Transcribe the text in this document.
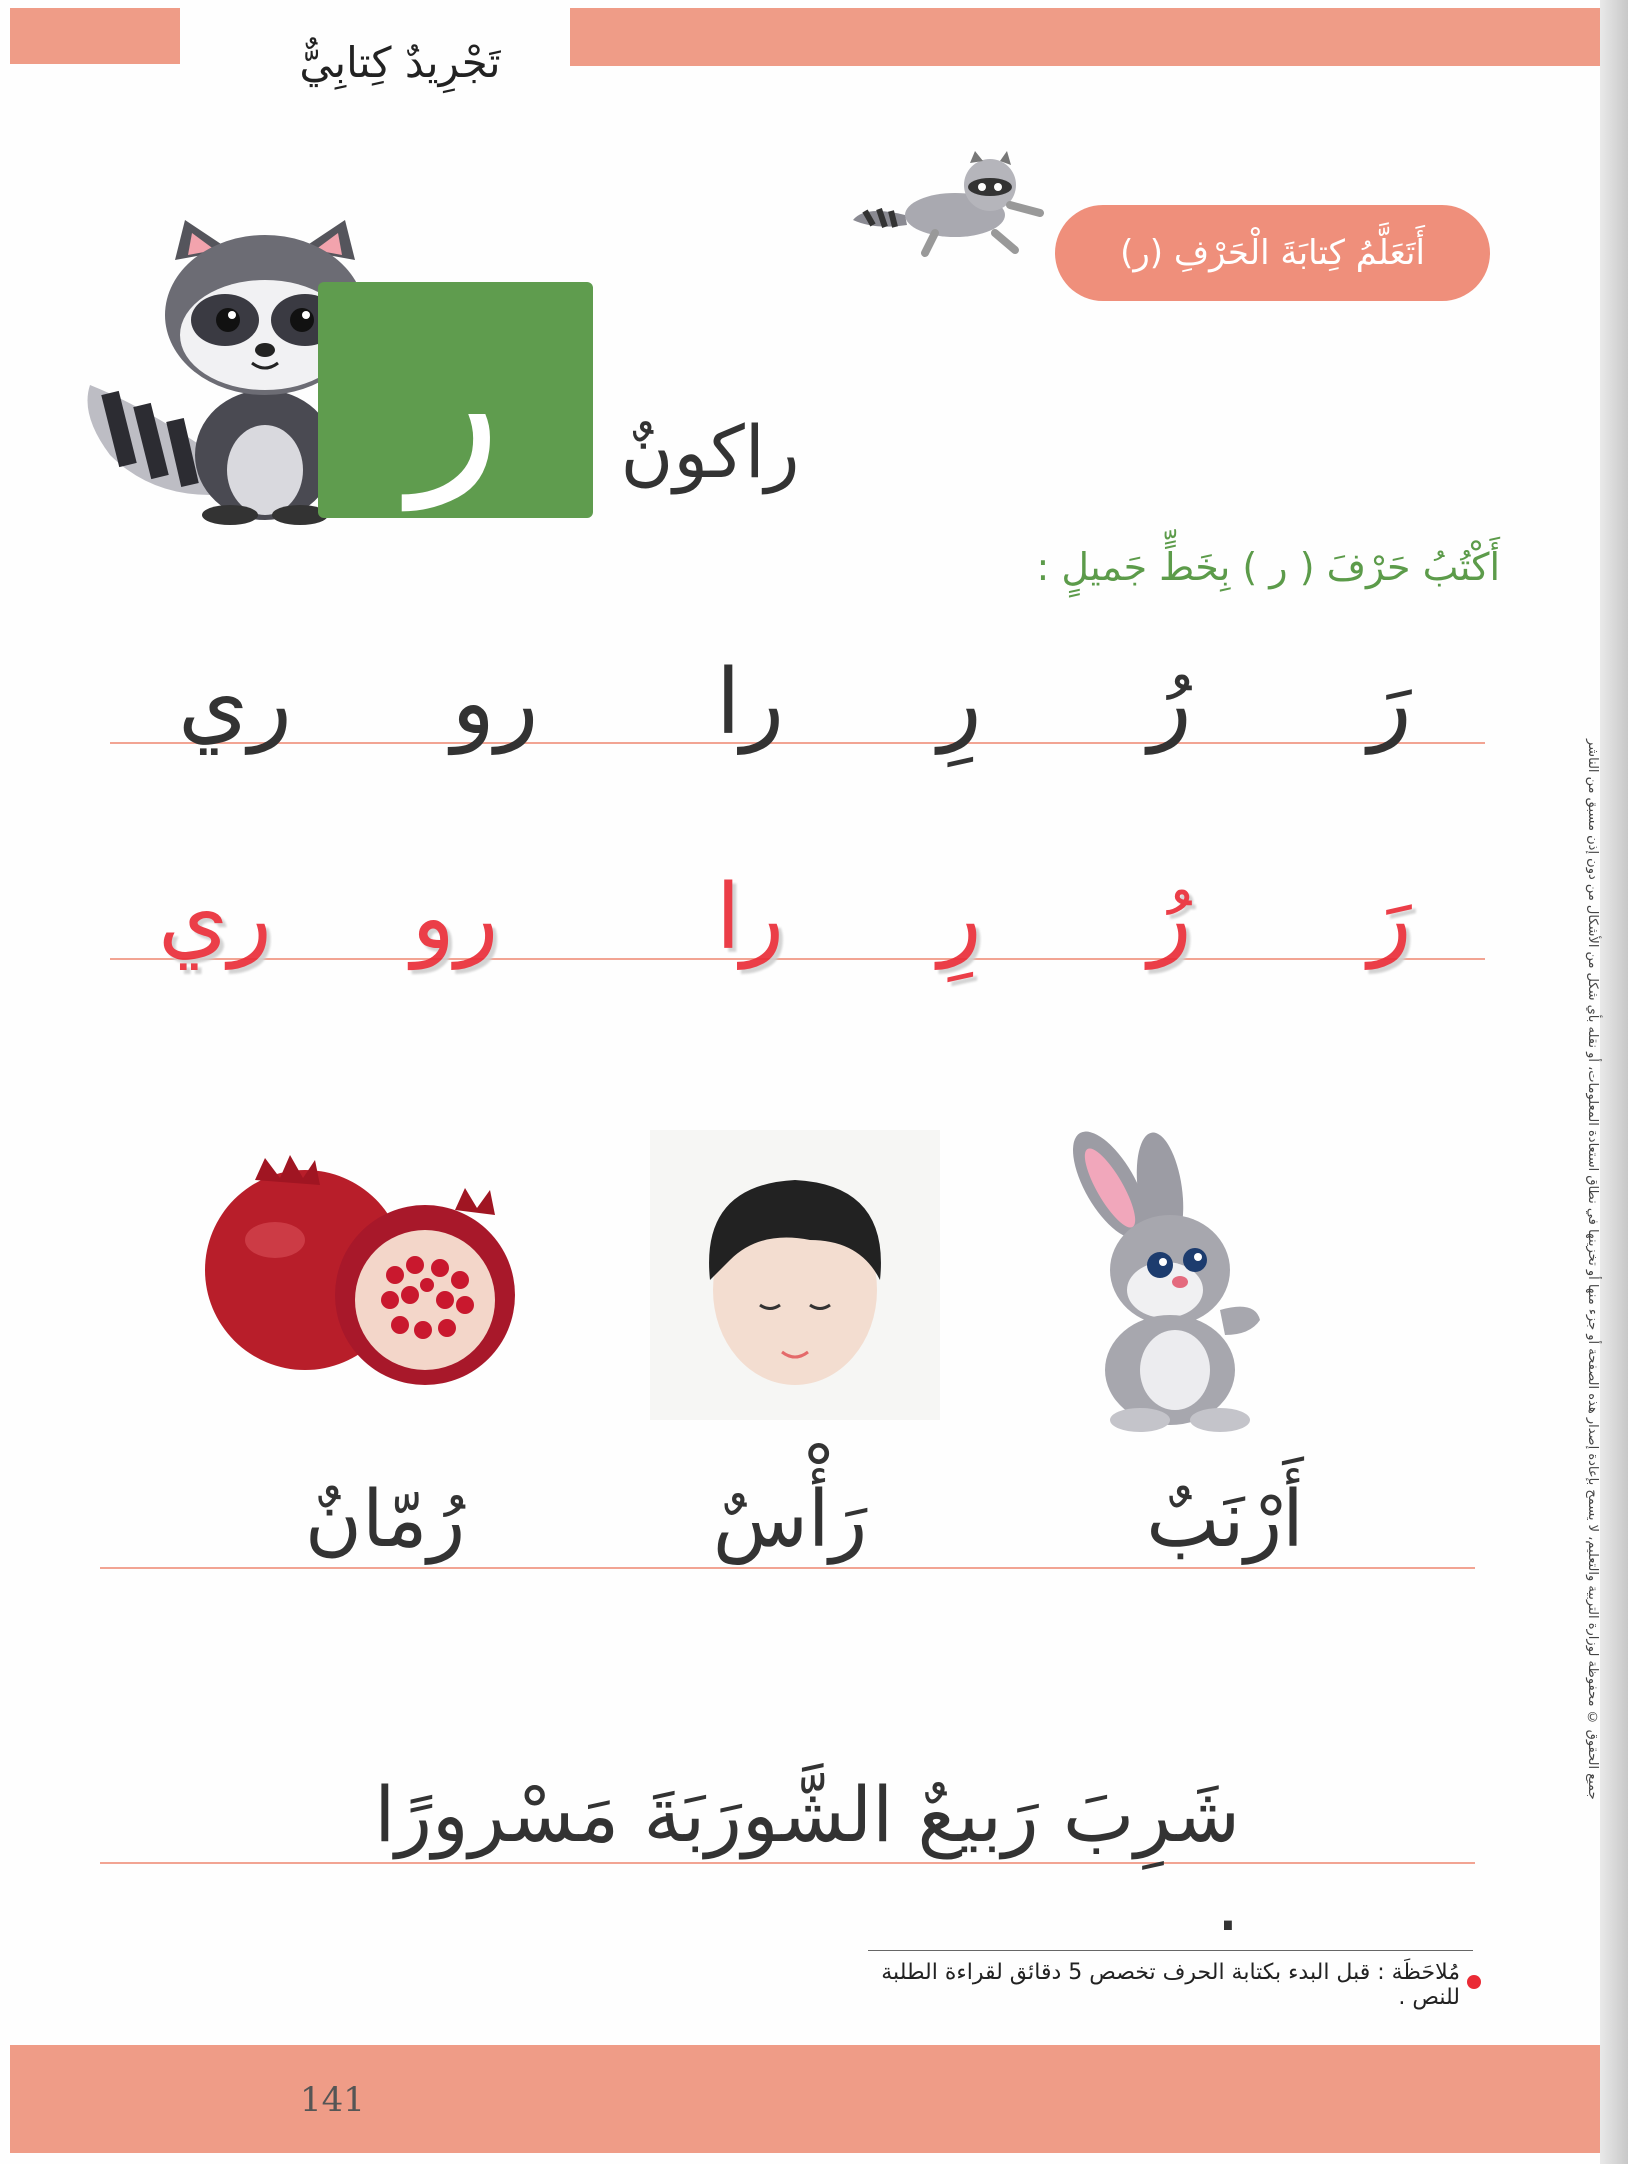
تَجْرِيدٌ كِتابِيٌّ
جميع الحقوق © محفوظة لوزارة التربية والتعليم، لا يسمح بإعادة إصدار هذه الصفحة أو جزء منها أو تخزينها في نطاق استعادة المعلومات، أو نقله بأي شكل من الأشكال من دون إذن مسبق من الناشر
أَتَعَلَّمُ كِتابَةَ الْحَرْفِ (ر)
ر راكونٌ
أَكْتُبُ حَرْفَ ( ر ) بِخَطٍّ جَميلٍ :
رَ
رُ
رِ
را
رو
ري
رَ
رُ
رِ
را
رو
ري
أَرْنَبٌ
رَأْسٌ
رُمّانٌ
شَرِبَ رَبيعٌ الشَّورَبَةَ مَسْرورًا .
مُلاحَظَة : قبل البدء بكتابة الحرف تخصص 5 دقائق لقراءة الطلبة للنص .
141
